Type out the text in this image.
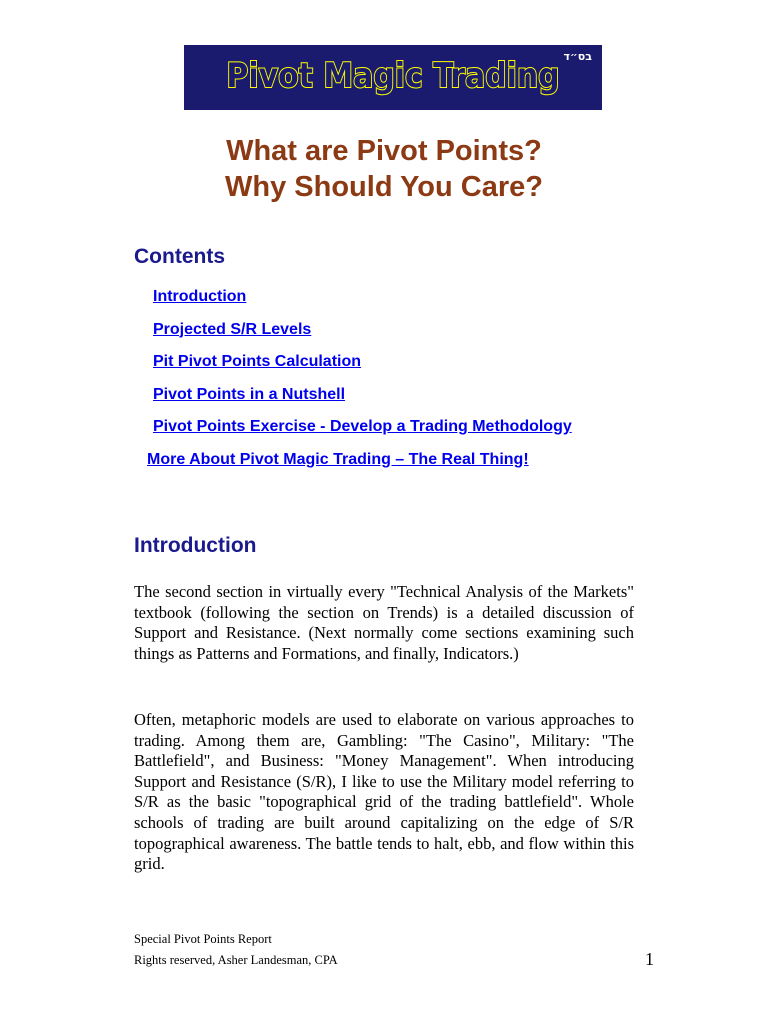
Pivot Magic Trading בס״ד
What are Pivot Points?
Why Should You Care?
Contents
Introduction
Projected S/R Levels
Pit Pivot Points Calculation
Pivot Points in a Nutshell
Pivot Points Exercise - Develop a Trading Methodology
More About Pivot Magic Trading – The Real Thing!
Introduction

The second section in virtually every "Technical Analysis of the Markets" textbook (following the section on Trends) is a detailed discussion of Support and Resistance. (Next normally come sections examining such things as Patterns and Formations, and finally, Indicators.)

Often, metaphoric models are used to elaborate on various approaches to trading. Among them are, Gambling: "The Casino", Military: "The Battlefield", and Business: "Money Management". When introducing Support and Resistance (S/R), I like to use the Military model referring to S/R as the basic "topographical grid of the trading battlefield". Whole schools of trading are built around capitalizing on the edge of S/R topographical awareness. The battle tends to halt, ebb, and flow within this grid.

Special Pivot Points Report
Rights reserved, Asher Landesman, CPA	1
